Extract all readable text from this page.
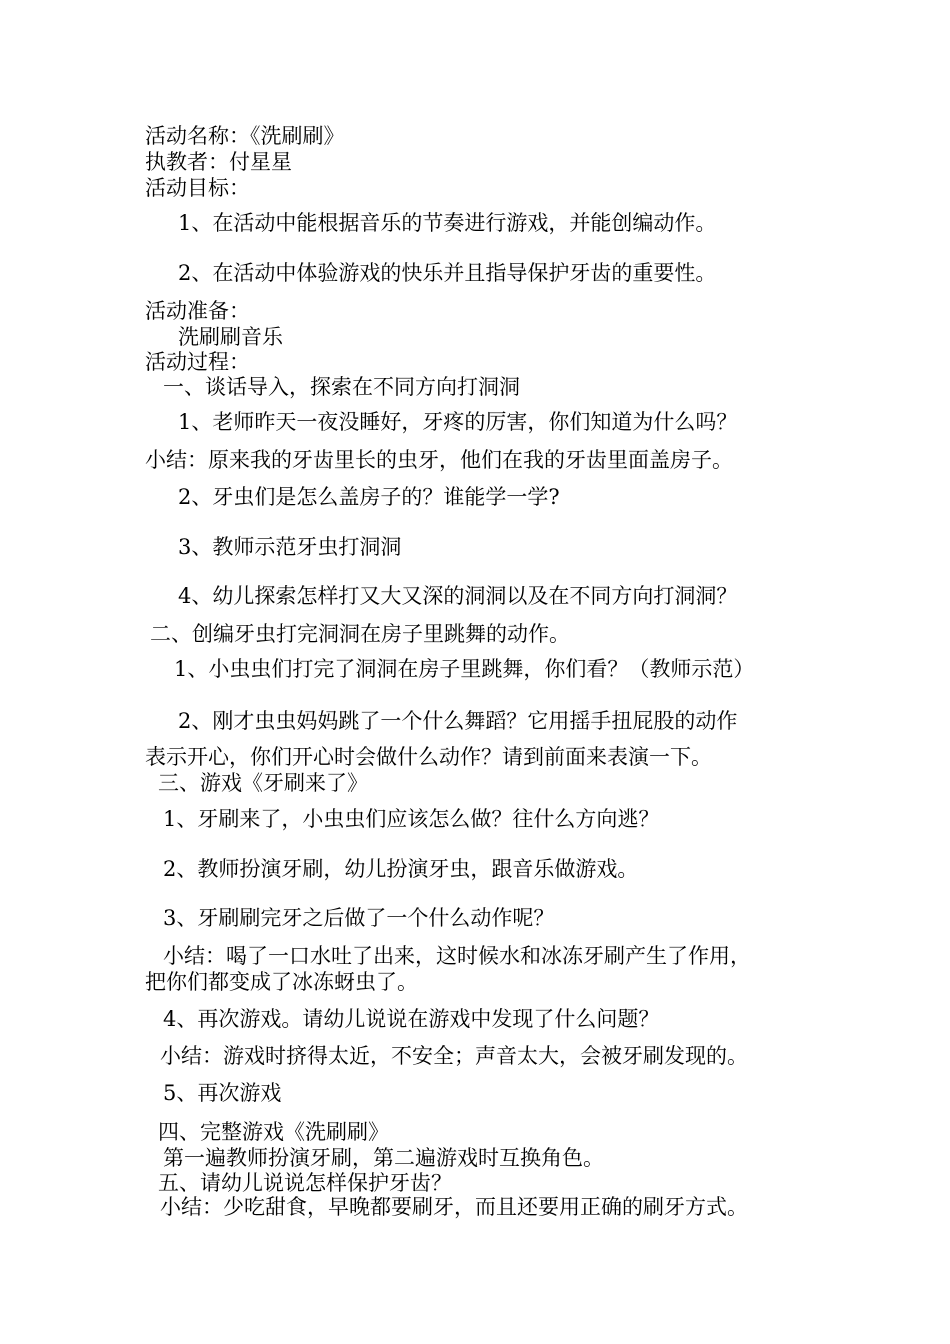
活动名称：《洗刷刷》
执教者：付星星
活动目标：
1、在活动中能根据音乐的节奏进行游戏，并能创编动作。
2、在活动中体验游戏的快乐并且指导保护牙齿的重要性。
活动准备：
洗刷刷音乐
活动过程：
一、谈话导入，探索在不同方向打洞洞
1、老师昨天一夜没睡好，牙疼的厉害，你们知道为什么吗？
小结：原来我的牙齿里长的虫牙，他们在我的牙齿里面盖房子。
2、牙虫们是怎么盖房子的？谁能学一学?
3、教师示范牙虫打洞洞
4、幼儿探索怎样打又大又深的洞洞以及在不同方向打洞洞？
二、创编牙虫打完洞洞在房子里跳舞的动作。
1、小虫虫们打完了洞洞在房子里跳舞，你们看？（教师示范）
2、刚才虫虫妈妈跳了一个什么舞蹈？它用摇手扭屁股的动作
表示开心，你们开心时会做什么动作？请到前面来表演一下。
三、游戏《牙刷来了》
1、牙刷来了，小虫虫们应该怎么做？往什么方向逃？
2、教师扮演牙刷，幼儿扮演牙虫，跟音乐做游戏。
3、牙刷刷完牙之后做了一个什么动作呢？
小结：喝了一口水吐了出来，这时候水和冰冻牙刷产生了作用，
把你们都变成了冰冻蚜虫了。
4、再次游戏。请幼儿说说在游戏中发现了什么问题？
小结：游戏时挤得太近，不安全；声音太大，会被牙刷发现的。
5、再次游戏
四、完整游戏《洗刷刷》
第一遍教师扮演牙刷，第二遍游戏时互换角色。
五、请幼儿说说怎样保护牙齿？
小结：少吃甜食，早晚都要刷牙，而且还要用正确的刷牙方式。
